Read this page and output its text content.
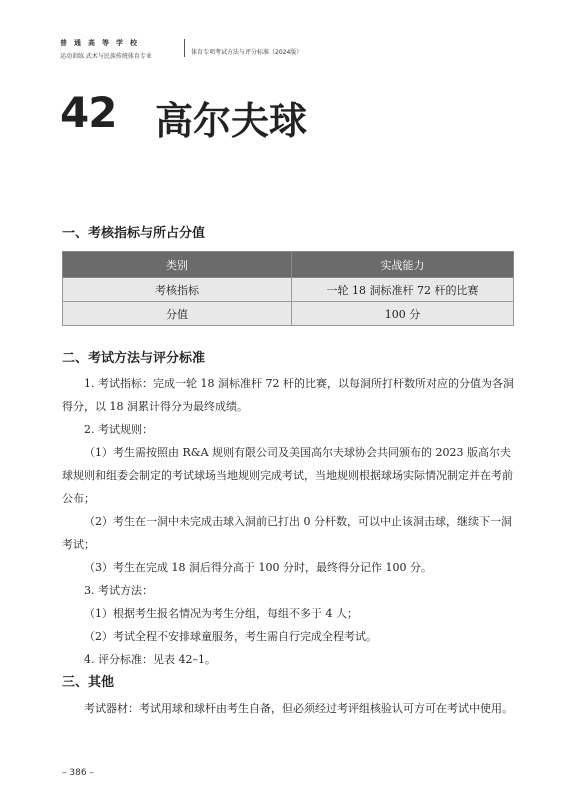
普通高等学校
运动训练 武术与民族传统体育专业
体育专项考试方法与评分标准（2024版）
42 高尔夫球
一、考核指标与所占分值
类别	实战能力
考核指标	一轮 18 洞标准杆 72 杆的比赛
分值	100 分
二、考试方法与评分标准

1. 考试指标：完成一轮 18 洞标准杆 72 杆的比赛，以每洞所打杆数所对应的分值为各洞得分，以 18 洞累计得分为最终成绩。

2. 考试规则：

（1）考生需按照由 R&A 规则有限公司及美国高尔夫球协会共同颁布的 2023 版高尔夫球规则和组委会制定的考试球场当地规则完成考试，当地规则根据球场实际情况制定并在考前公布；

（2）考生在一洞中未完成击球入洞前已打出 0 分杆数，可以中止该洞击球，继续下一洞考试；

（3）考生在完成 18 洞后得分高于 100 分时，最终得分记作 100 分。

3. 考试方法：

（1）根据考生报名情况为考生分组，每组不多于 4 人；

（2）考试全程不安排球童服务，考生需自行完成全程考试。

4. 评分标准：见表 42–1。

三、其他

考试器材：考试用球和球杆由考生自备，但必须经过考评组核验认可方可在考试中使用。

– 386 –
